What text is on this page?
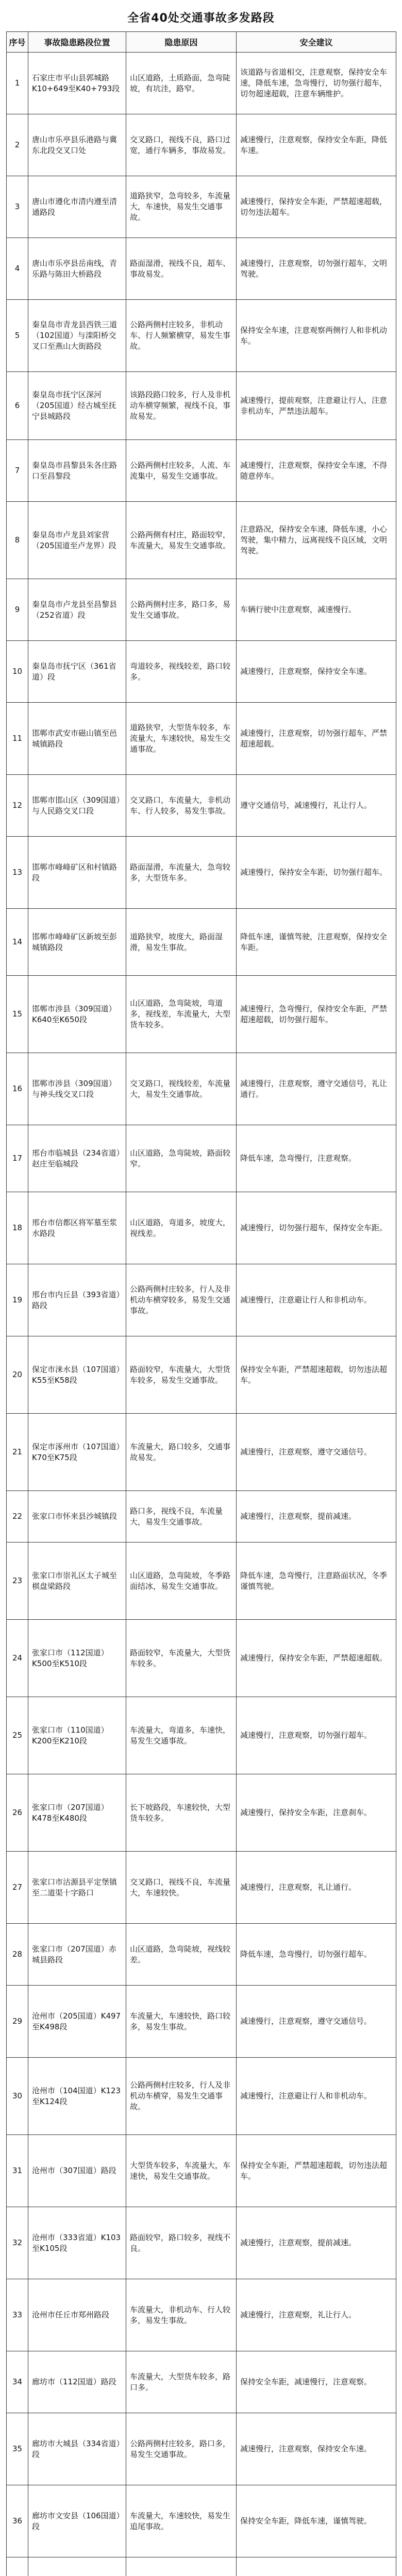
全省40处交通事故多发路段
序号	事故隐患路段位置	隐患原因	安全建议
1	石家庄市平山县郭城路K10+649至K40+793段	山区道路，土质路面，急弯陡坡，有坑洼，路窄。	该道路与省道相交，注意观察，保持安全车速，降低车速，急弯慢行，切勿强行超车，切勿超速超载，注意车辆维护。
2	唐山市乐亭县乐港路与冀东北段交叉口处	交叉路口，视线不良，路口过宽，通行车辆多，事故易发。	减速慢行，注意观察，保持安全车距，降低车速。
3	唐山市遵化市清内遵至清通路段	道路狭窄，急弯较多，车流量大，车速快，易发生交通事故。	减速慢行，保持安全车距，严禁超速超载，切勿违法超车。
4	唐山市乐亭县岳南线，青乐路与陈田大桥路段	路面湿滑，视线不良，超车、事故易发。	减速慢行，注意观察，切勿强行超车，文明驾驶。
5	秦皇岛市青龙县西铁三道（102国道）与滦阳桥交叉口至燕山大街路段	公路两侧村庄较多，非机动车、行人频繁横穿，易发生事故。	保持安全车速，注意观察两侧行人和非机动车。
6	秦皇岛市抚宁区深河（205国道）经古城至抚宁县城路段	该路段路口较多，行人及非机动车横穿频繁，视线不良，事故易发。	减速慢行，提前观察，注意避让行人，注意非机动车，严禁违法超车。
7	秦皇岛市昌黎县朱各庄路口至昌黎段	公路两侧村庄较多，人流、车流集中，易发生交通事故。	减速慢行，注意观察，保持安全车速，不得随意停车。
8	秦皇岛市卢龙县刘家营（205国道至卢龙界）段	公路两侧有村庄，路面较窄，车流量大，易发生交通事故。	注意路况，保持安全车速，降低车速，小心驾驶，集中精力，远离视线不良区域，文明驾驶。
9	秦皇岛市卢龙县至昌黎县（252省道）段	公路两侧村庄多，路口多，易发生交通事故。	车辆行驶中注意观察，减速慢行。
10	秦皇岛市抚宁区（361省道）段	弯道较多，视线较差，路口较多。	减速慢行，注意观察，保持安全车速。
11	邯郸市武安市磁山镇至邑城镇路段	道路狭窄，大型货车较多，车流量大，车速较快，易发生交通事故。	减速慢行，注意观察，切勿强行超车，严禁超速超载。
12	邯郸市邯山区（309国道）与人民路交叉口段	交叉路口，车流量大，非机动车、行人较多，易发生事故。	遵守交通信号，减速慢行，礼让行人。
13	邯郸市峰峰矿区和村镇路段	路面湿滑，车流量大，急弯较多，大型货车多。	减速慢行，保持安全车距，切勿强行超车。
14	邯郸市峰峰矿区新坡至彭城镇路段	道路狭窄，坡度大，路面湿滑，易发生事故。	降低车速，谨慎驾驶，注意观察，保持安全车距。
15	邯郸市涉县（309国道）K640至K650段	山区道路，急弯陡坡，弯道多，视线差，车流量大，大型货车较多。	减速慢行，急弯慢行，保持安全车距，严禁超速超载，切勿强行超车。
16	邯郸市涉县（309国道）与神头线交叉口段	交叉路口，视线较差，车流量大，易发生交通事故。	减速慢行，注意观察，遵守交通信号，礼让通行。
17	邢台市临城县（234省道）赵庄至临城段	山区道路，急弯陡坡，路面较窄。	降低车速，急弯慢行，注意观察。
18	邢台市信都区将军墓至浆水路段	山区道路，弯道多，坡度大，视线差。	减速慢行，切勿强行超车，保持安全车距。
19	邢台市内丘县（393省道）路段	公路两侧村庄较多，行人及非机动车横穿较多，易发生交通事故。	减速慢行，注意避让行人和非机动车。
20	保定市涞水县（107国道）K55至K58段	路面较窄，车流量大，大型货车较多，易发生交通事故。	保持安全车距，严禁超速超载，切勿违法超车。
21	保定市涿州市（107国道）K70至K75段	车流量大，路口较多，交通事故易发。	减速慢行，注意观察，遵守交通信号。
22	张家口市怀来县沙城镇段	路口多，视线不良，车流量大，易发生交通事故。	减速慢行，注意观察，提前减速。
23	张家口市崇礼区太子城至棋盘梁路段	山区道路，急弯陡坡，冬季路面结冰，易发生交通事故。	降低车速，急弯慢行，注意路面状况，冬季谨慎驾驶。
24	张家口市（112国道）K500至K510段	路面较窄，车流量大，大型货车较多。	减速慢行，保持安全车距，严禁超速超载。
25	张家口市（110国道）K200至K210段	车流量大，弯道多，车速快，易发生交通事故。	减速慢行，注意观察，切勿强行超车。
26	张家口市（207国道）K478至K480段	长下坡路段，车速较快，大型货车较多。	减速慢行，保持安全车距，注意刹车。
27	张家口市沽源县平定堡镇至二道渠十字路口	交叉路口，视线不良，车流量大，车速较快。	减速慢行，注意观察，礼让通行。
28	张家口市（207国道）赤城县路段	山区道路，急弯陡坡，视线较差。	降低车速，急弯慢行，切勿强行超车。
29	沧州市（205国道）K497至K498段	车流量大，车速较快，路口较多，易发生事故。	减速慢行，注意观察，遵守交通信号。
30	沧州市（104国道）K123至K124段	公路两侧村庄较多，行人及非机动车横穿，易发生交通事故。	减速慢行，注意避让行人和非机动车。
31	沧州市（307国道）路段	大型货车较多，车流量大，车速快，易发生交通事故。	保持安全车距，严禁超速超载，切勿违法超车。
32	沧州市（333省道）K103至K105段	路面较窄，路口较多，视线不良。	减速慢行，注意观察，提前减速。
33	沧州市任丘市郑州路段	车流量大，非机动车、行人较多，易发生事故。	减速慢行，注意观察，礼让行人。
34	廊坊市（112国道）路段	车流量大，大型货车较多，路口多。	保持安全车距，减速慢行，注意观察。
35	廊坊市大城县（334省道）段	公路两侧村庄较多，路口多，易发生交通事故。	减速慢行，注意观察，保持安全车速。
36	廊坊市文安县（106国道）段	车流量大，车速较快，易发生追尾事故。	保持安全车距，降低车速，谨慎驾驶。
